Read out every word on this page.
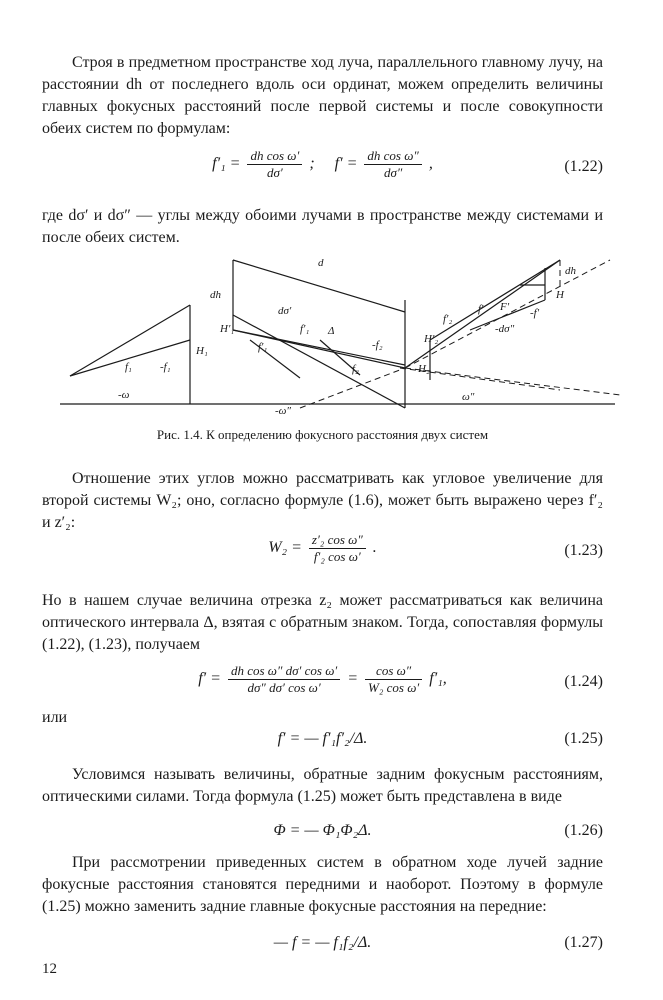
Строя в предметном пространстве ход луча, параллельного главному лучу, на расстоянии dh от последнего вдоль оси ординат, можем определить величины главных фокусных расстояний после первой системы и после совокупности обеих систем по формулам:
$f'_1 = \frac{\text{dh cos ω′}}{d\sigma'}$ ; $f' = \frac{\text{dh cos ω″}}{d\sigma''}$ ,	(1.22)
где dσ′ и dσ″ — углы между обоими лучами в пространстве между системами и после обеих систем.
d
dh
H₁
H′₁
dσ′
f′₁
f′₁
Δ
-f₂
f₂
f₁	-f₁
-ω
-ω″
ω″
H₂
H′₂
f′₂
f′ F′ -f′
-dσ″
dh
H
Рис. 1.4. К определению фокусного расстояния двух систем
Отношение этих углов можно рассматривать как угловое увеличение для второй системы W₂; оно, согласно формуле (1.6), может быть выражено через f′₂ и z′₂:
$W_2 = \frac{\text{z′₂ cos ω″}}{\text{f′₂ cos ω′}}$ .	(1.23)
Но в нашем случае величина отрезка z₂ может рассматриваться как величина оптического интервала Δ, взятая с обратным знаком. Тогда, сопоставляя формулы (1.22), (1.23), получаем
$f' = \frac{\text{dh cos ω″ dσ′ cos ω′}}{\text{dσ″ dσ′ cos ω′}} = \frac{\text{cos ω″}}{\text{W₂ cos ω′}} f'_1$,	(1.24)
или
f′ = — f′₁f′₂/Δ.	(1.25)
Условимся называть величины, обратные задним фокусным расстояниям, оптическими силами. Тогда формула (1.25) может быть представлена в виде
Φ = — Φ₁Φ₂Δ.	(1.26)
При рассмотрении приведенных систем в обратном ходе лучей задние фокусные расстояния становятся передними и наоборот. Поэтому в формуле (1.25) можно заменить задние главные фокусные расстояния на передние:
— f = — f₁f₂/Δ.	(1.27)
12
